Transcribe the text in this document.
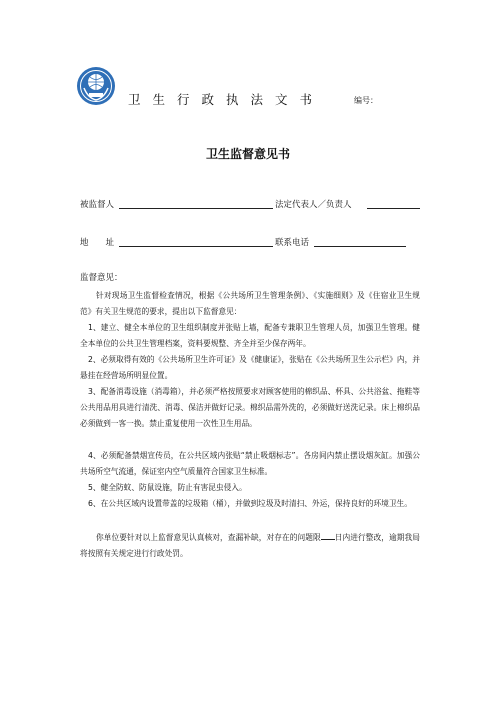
卫生行政执法文书	编号：
卫生监督意见书
被监督人	法定代表人／负责人
地　　址	联系电话
监督意见：
针对现场卫生监督检查情况，根据《公共场所卫生管理条例》、《实施细则》及《住宿业卫生规范》有关卫生规范的要求，提出以下监督意见：
1、建立、健全本单位的卫生组织制度并张贴上墙，配备专兼职卫生管理人员，加强卫生管理。健全本单位的公共卫生管理档案，资料要规整、齐全并至少保存两年。
2、必须取得有效的《公共场所卫生许可证》及《健康证》，张贴在《公共场所卫生公示栏》内，并悬挂在经营场所明显位置。
3、配备消毒设施（消毒箱），并必须严格按照要求对顾客使用的棉织品、杯具、公共浴盆、拖鞋等公共用品用具进行清洗、消毒、保洁并做好记录。棉织品需外洗的，必须做好送洗记录。床上棉织品必须做到一客一换。禁止重复使用一次性卫生用品。
4、必须配备禁烟宣传员，在公共区域内张贴“禁止吸烟标志”。各房间内禁止摆设烟灰缸。加强公共场所空气流通，保证室内空气质量符合国家卫生标准。
5、健全防蚊、防鼠设施，防止有害昆虫侵入。
6、在公共区域内设置带盖的垃圾箱（桶），并做到垃圾及时清扫、外运，保持良好的环境卫生。
你单位要针对以上监督意见认真核对，查漏补缺，对存在的问题限 日内进行整改，逾期我局将按照有关规定进行行政处罚。
